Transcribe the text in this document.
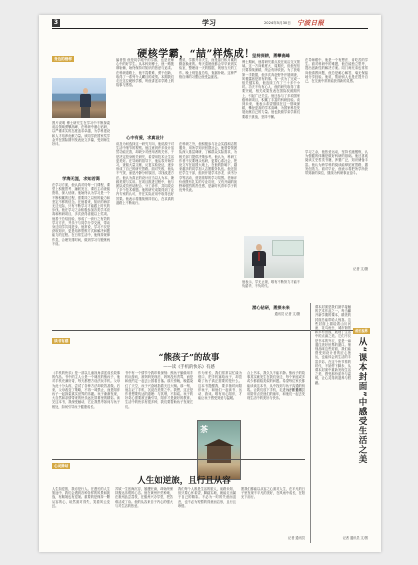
3	学习	2024年5月30日 宁波日报
身边的榜样
图片说明 博士研究生在学习中不断探索前沿领域勇攀高峰，在科研中潜心钻研，以严谨求实的态度追求卓越，为学科建设和人才培养贡献力量。该同学获国家奖学金并在国际期刊发表论文多篇，受到师生好评。
学海无涯，求知若渴
在学习方面，他认真对待每一门课程，课堂上积极思考、踊跃发言，课后主动查阅资料，深入钻研。他始终认为学习是一个不断积累的过程，需要持之以恒的毅力和坚定不移的信念。在他看来，知识的海洋无边无际，只有不断学习才能跟上时代的步伐。他在学习之余积极参加各类学术竞赛和科研项目，多次获得省级以上奖项。他善于总结经验，形成了一套行之有效的学习方法，并乐于与同学分享交流，带动身边同学共同进步。他常说，学习不仅是获取知识，更是培养思维方式和解决问题能力的过程。在日常生活中，他保持规律作息，合理安排时间，做到学习与锻炼两不误。
硬核学霸，“喆”样炼成！
编者按 他是同学眼中的学霸，也是老师心中的好学生。从本科到博士，他一路披荆斩棘，始终保持对知识的热爱与追求。在科研道路上，他不畏艰难，勇于创新，取得了一系列令人瞩目的成绩。本期我们走近这位硬核学霸，听他讲述求学路上的故事与感悟。
心中有爱，求真设计
谈及为何选择这一研究方向，他说源于对生活中细节的观察。他注意到许多设计虽然功能完善，却缺少对使用者的关怀，于是决定投身相关研究，希望用技术让生活更美好。在导师的指导下，他从零开始学习，查阅大量文献，反复实验论证，逐步形成了自己的研究思路。面对失败，他从不气馁，而是冷静分析原因，寻找改进方法。他认为真正的设计应当以人为本，兼顾美观与实用。在项目推进过程中，他与团队成员密切配合，分工协作，共同攻克了多个技术难题。他的研究成果得到了业内专家的认可，并在实际应用中取得良好效果。他表示将继续保持初心，在求真的道路上不断前行。
他说，学霸并非天生，而是靠日积月累的勤奋换来的。每天清晨他都会早早来到实验室，整理前一天的数据，规划当天的工作。晚上则复盘总结，查漏补缺。这种严格自律的习惯让他受益匪浅。
在科研之外，他积极参与社会实践和志愿服务，用所学知识回馈社会。他曾带领团队深入基层调研，了解群众实际需求，为相关部门提供决策参考。他认为，科研工作者不仅要埋头钻研，更要心系社会，把论文写在祖国大地上。在他的影响下，越来越多的同学加入志愿服务队伍。他还担任学生干部，组织开展学术沙龙、读书分享等活动，营造浓厚的学习氛围。老师评价他既有扎实的专业功底，又有开阔的视野和强烈的责任感，是新时代青年学子的优秀代表。
坚持深耕，勇攀高峰
博士期间，他将研究重点放在前沿交叉领域。这一方向难度大、周期长，但他坚信只要持续深耕，终会有所收获。为了获取第一手数据，他多次奔赴野外开展调查，风餐露宿是常有的事。有一次为了完成一组关键实验，他连续工作了三十多个小时。功夫不负有心人，他的研究取得了重要突破，相关成果发表在国际权威期刊上，引起广泛关注。他还参与了多项国家级科研项目，积累了丰富的科研经验。谈到未来，他表示希望继续在这一领域深耕，攀登更高的学术高峰，为国家科技发展贡献自己的力量。他也鼓励学弟学妹们要敢于挑战，坚持不懈。
他表示，学无止境，唯有不断努力才能不负韶华，不负时代。
潜心钻研，勇探未来
通讯员 记者 文/摄
在导师眼中，他是一个有想法、肯吃苦的学生。面对科研中的难题，他总能独立思考，提出创新性的解决方案。同门师兄弟也常常向他请教问题，他总是耐心解答，毫无保留地分享经验。他说，帮助别人也是在提升自己，在交流中常常能获得新的灵感。
学习之余，他热爱运动，坚持长跑锻炼，认为强健的体魄是做好科研的基础。他还喜欢阅读文史哲类书籍，涉猎广泛，知识储备丰富。他认为跨学科的阅读能够拓宽思路，激发创造力。面对毕业，他表示将把所学所获带到新的岗位，继续为科研事业奋斗。
记者 文/摄
读书有感
“熊孩子”的故事
——读《手机的快乐》有感
《手机的快乐》是一部以儿童视角讲述成长故事的作品。书中的主人公是一个调皮的熊孩子，他对手机充满好奇，每天都想方设法玩手机。父母为此十分头疼，尝试了各种方法却收效甚微。后来，父母改变了策略，不再一味禁止，而是陪伴孩子一起探索真实世界的乐趣。孩子渐渐发现，大自然和亲情带来的快乐远比屏幕里的精彩。读完这本书，我深受触动，它让我思考如何与孩子相处，如何引导孩子健康成长。
书中有一个情节令我印象深刻：熊孩子偷偷用手机玩游戏，被妈妈发现后，妈妈没有责骂，而是和他约定一起去公园看日落。那天傍晚，晚霞染红了天空，孩子兴奋地指着天边大喊。那一刻，他忘记了手机，沉浸在美景之中。我想，这正是作者想要传达的道理：与其堵，不如疏。孩子的好奇心需要被正确引导，陪伴才是最好的教育。生活中的快乐有很多种，我们要帮助孩子发现它们。
作为家长，我们常常以忙碌为借口，把手机塞给孩子，却忽略了孩子真正需要的是什么。这本书提醒我，要多抽时间陪伴孩子，和他们一起读书、运动、游戏。唯有用心陪伴，才能让孩子感受到爱与温暖。
茶
合上书本，我久久不能平静。熊孩子的故事其实就发生在我们身边，每个家庭或多或少都面临类似的问题。希望每位家长都能读读这本书，从中找到与孩子沟通的钥匙。让我们放下手机，走进孩子的世界，用陪伴点亮他们的童年，和他们一起去发现生活中的美好与快乐。
记者 通讯员
心灵驿站
人生如逆旅，且行且从容
人生如逆旅，我亦是行人。在漫长的人生旅途中，我们会遇到各种各样的风景和挑战，有顺境也有逆境。重要的是保持一颗从容的心，坦然面对得失，笑看风云变幻。
苏轼一生宦海沉浮，屡遭贬谪，却始终保持豁达乐观的心态。他在黄州开荒种地，在惠州品尝荔枝，在儋州兴办学堂，把苦难活成了诗。他的从容来自于内心的强大与对生活的热爱。
我们每个人都是生活的旅人，前路未知，但只要心怀希望，脚踏实地，就能走出属于自己的精彩。不必为一时的失意而沮丧，也不必为短暂的得意而忘形，且行且珍惜。
愿我们都能以从容之心面对人生，在平凡的日子里发现不平凡的美好，在风雨中成长，在阳光下前行。
记者 通讯员
课本封面是我们最早接触的艺术作品之一。每当翻开新学期的课本，精美的封面总能带给人惊喜。这些封面上描绘着山川河流、花鸟鱼虫、城市街景和乡村田园，展现了生活中的点滴之美。它们不仅是书本的外衣，更是一扇通往美好世界的窗口。细细品味这些封面，我们能感受到设计者的匠心独运，也能体会到生活的丰富多彩。在这个快节奏的时代，不妨停下脚步，从课本封面中重新发现生活之美，感受那份质朴与温暖，让心灵得到滋养与慰藉。
成长视界
从“课本封面”中感受生活之美
记者 通讯员 文/图
